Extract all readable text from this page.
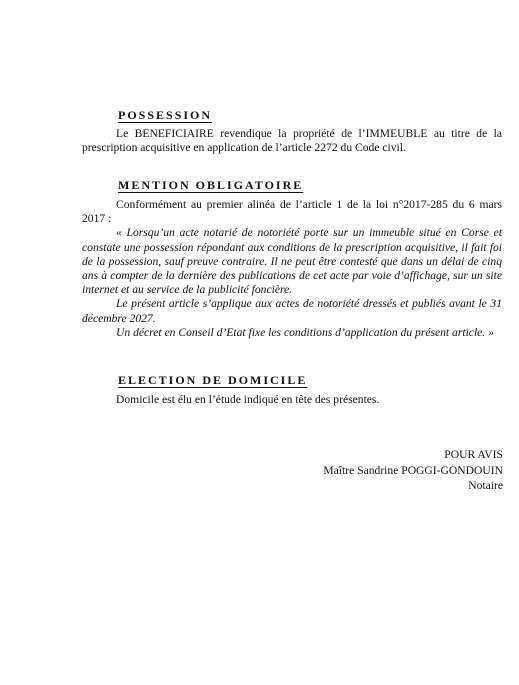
POSSESSION

Le BENEFICIAIRE revendique la propriété de l’IMMEUBLE au titre de la prescription acquisitive en application de l’article 2272 du Code civil.

MENTION OBLIGATOIRE

Conformément au premier alinéa de l’article 1 de la loi n°2017-285 du 6 mars 2017 :

« Lorsqu’un acte notarié de notoriété porte sur un immeuble situé en Corse et constate une possession répondant aux conditions de la prescription acquisitive, il fait foi de la possession, sauf preuve contraire. Il ne peut être contesté que dans un délai de cinq ans à compter de la dernière des publications de cet acte par voie d’affichage, sur un site internet et au service de la publicité foncière.

Le présent article s’applique aux actes de notoriété dressés et publiés avant le 31 décembre 2027.

Un décret en Conseil d’Etat fixe les conditions d’application du présent article. »

ELECTION DE DOMICILE

Domicile est élu en l’étude indiqué en tête des présentes.

POUR AVIS
Maître Sandrine POGGI-GONDOUIN
Notaire
